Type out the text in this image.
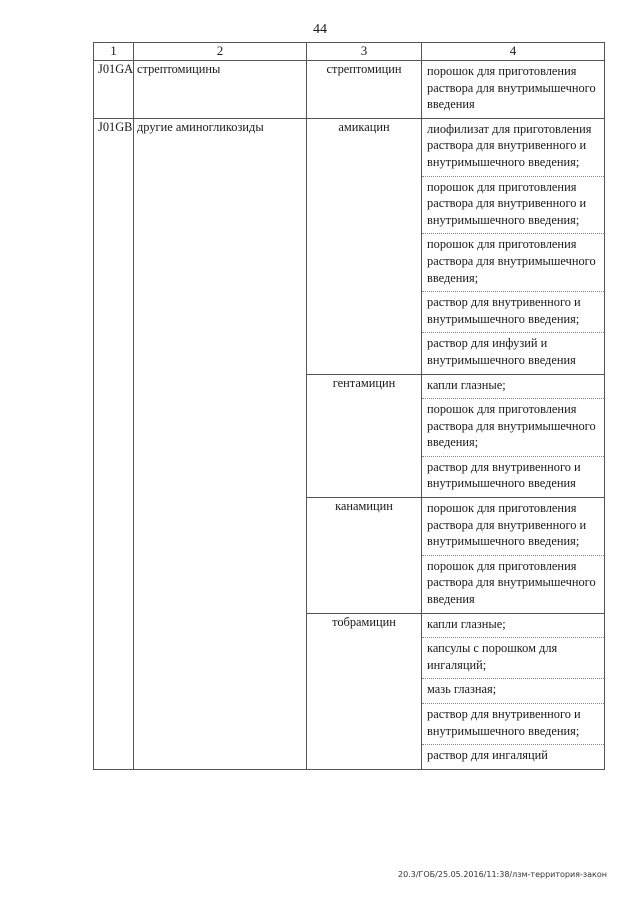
44
1	2	3	4
J01GA	стрептомицины	стрептомицин	порошок для приготовления раствора для внутримышечного введения

J01GB	другие аминогликозиды	амикацин	лиофилизат для приготовления раствора для внутривенного и внутримышечного введения;
порошок для приготовления раствора для внутривенного и внутримышечного введения;
порошок для приготовления раствора для внутримышечного введения;
раствор для внутривенного и внутримышечного введения;
раствор для инфузий и внутримышечного введения

		гентамицин	капли глазные;
порошок для приготовления раствора для внутримышечного введения;
раствор для внутривенного и внутримышечного введения

		канамицин	порошок для приготовления раствора для внутривенного и внутримышечного введения;
порошок для приготовления раствора для внутримышечного введения

		тобрамицин	капли глазные;
капсулы с порошком для ингаляций;
мазь глазная;
раствор для внутривенного и внутримышечного введения;
раствор для ингаляций
20.3/ГОБ/25.05.2016/11:38/лзм-территория-закон
